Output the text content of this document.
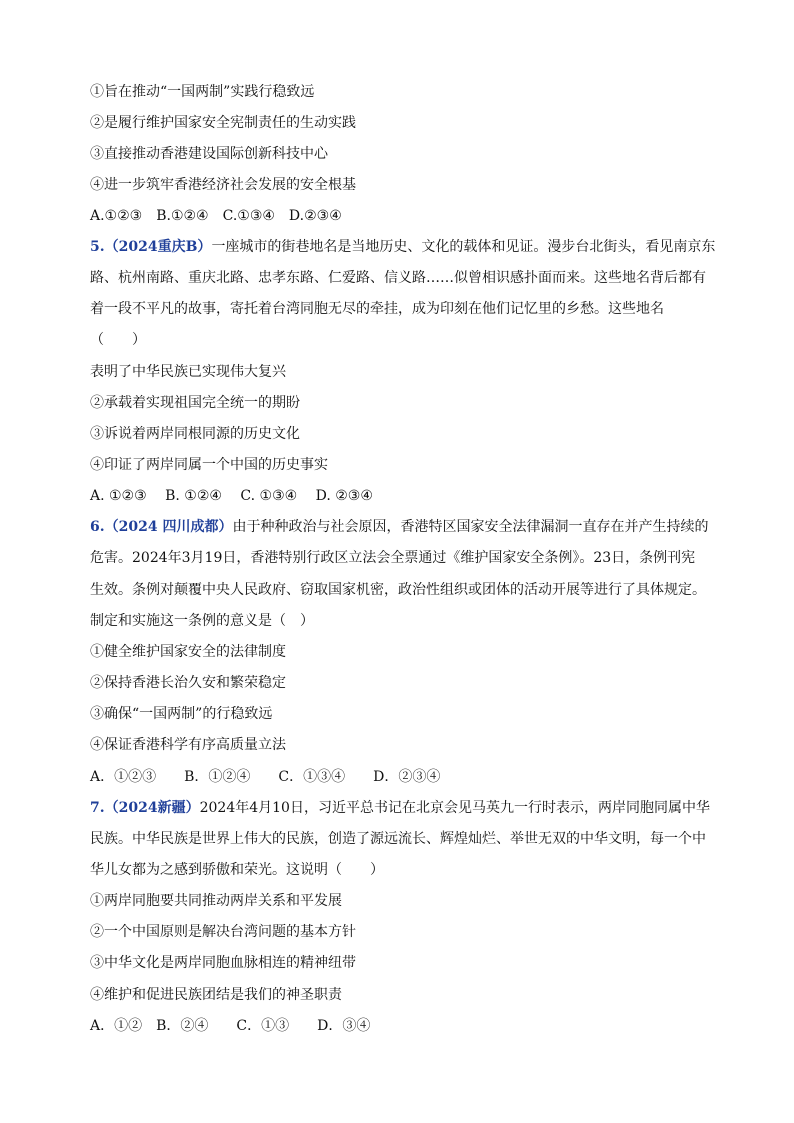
①旨在推动“一国两制”实践行稳致远
②是履行维护国家安全宪制责任的生动实践
③直接推动香港建设国际创新科技中心
④进一步筑牢香港经济社会发展的安全根基
A.①②③　B.①②④　C.①③④　D.②③④
5.（2024重庆B）一座城市的街巷地名是当地历史、文化的载体和见证。漫步台北街头，看见南京东
路、杭州南路、重庆北路、忠孝东路、仁爱路、信义路……似曾相识感扑面而来。这些地名背后都有
着一段不平凡的故事，寄托着台湾同胞无尽的牵挂，成为印刻在他们记忆里的乡愁。这些地名
（　　）
表明了中华民族已实现伟大复兴
②承载着实现祖国完全统一的期盼
③诉说着两岸同根同源的历史文化
④印证了两岸同属一个中国的历史事实
A. ①②③　 B. ①②④　 C. ①③④　 D. ②③④
6.（2024 四川成都）由于种种政治与社会原因，香港特区国家安全法律漏洞一直存在并产生持续的
危害。2024年3月19日，香港特别行政区立法会全票通过《维护国家安全条例》。23日，条例刊宪
生效。条例对颠覆中央人民政府、窃取国家机密，政治性组织或团体的活动开展等进行了具体规定。
制定和实施这一条例的意义是（　）
①健全维护国家安全的法律制度
②保持香港长治久安和繁荣稳定
③确保“一国两制”的行稳致远
④保证香港科学有序高质量立法
A．①②③　　B．①②④　　C．①③④　　D．②③④
7.（2024新疆）2024年4月10日，习近平总书记在北京会见马英九一行时表示，两岸同胞同属中华
民族。中华民族是世界上伟大的民族，创造了源远流长、辉煌灿烂、举世无双的中华文明，每一个中
华儿女都为之感到骄傲和荣光。这说明（　　）
①两岸同胞要共同推动两岸关系和平发展
②一个中国原则是解决台湾问题的基本方针
③中华文化是两岸同胞血脉相连的精神纽带
④维护和促进民族团结是我们的神圣职责
A．①②　B．②④　　C．①③　　D．③④
